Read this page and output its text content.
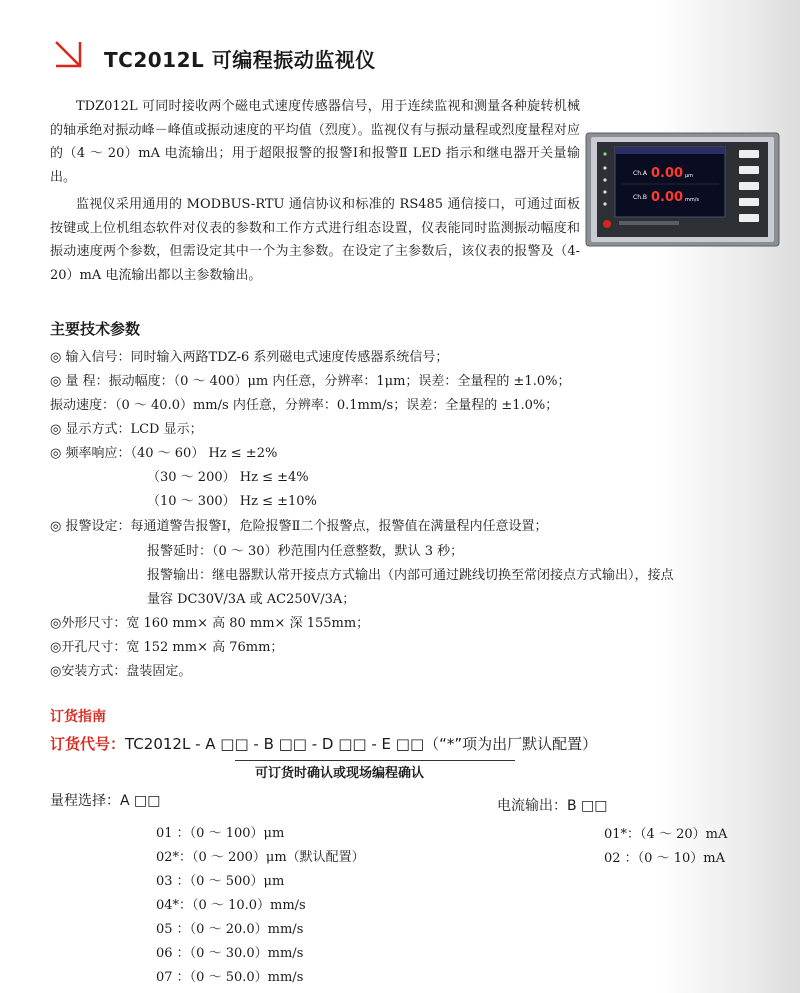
TC2012L 可编程振动监视仪

TDZ012L 可同时接收两个磁电式速度传感器信号，用于连续监视和测量各种旋转机械的轴承绝对振动峰－峰值或振动速度的平均值（烈度）。监视仪有与振动量程或烈度量程对应的（4 ～ 20）mA 电流输出；用于超限报警的报警Ⅰ和报警Ⅱ LED 指示和继电器开关量输出。

监视仪采用通用的 MODBUS-RTU 通信协议和标准的 RS485 通信接口，可通过面板按键或上位机组态软件对仪表的参数和工作方式进行组态设置，仪表能同时监测振动幅度和振动速度两个参数，但需设定其中一个为主参数。在设定了主参数后，该仪表的报警及（4-20）mA 电流输出都以主参数输出。

Ch.A 0.00 μm
Ch.B 0.00 mm/s
主要技术参数
◎ 输入信号：同时输入两路TDZ-6 系列磁电式速度传感器系统信号；
◎ 量 程：振动幅度：（0 ～ 400）μm 内任意，分辨率：1μm；误差：全量程的 ±1.0%；
振动速度：（0 ～ 40.0）mm/s 内任意，分辨率：0.1mm/s；误差：全量程的 ±1.0%；
◎ 显示方式：LCD 显示；
◎ 频率响应：（40 ～ 60） Hz ≤ ±2%
（30 ～ 200） Hz ≤ ±4%
（10 ～ 300） Hz ≤ ±10%
◎ 报警设定：每通道警告报警Ⅰ，危险报警Ⅱ二个报警点，报警值在满量程内任意设置；
报警延时：（0 ～ 30）秒范围内任意整数，默认 3 秒；
报警输出：继电器默认常开接点方式输出（内部可通过跳线切换至常闭接点方式输出），接点
量容 DC30V/3A 或 AC250V/3A；
◎外形尺寸：宽 160 mm× 高 80 mm× 深 155mm；
◎开孔尺寸：宽 152 mm× 高 76mm；
◎安装方式：盘装固定。
订货指南
订货代号：TC2012L - A □□ - B □□ - D □□ - E □□（“*”项为出厂默认配置）
可订货时确认或现场编程确认
量程选择：A □□
01 ：（0 ～ 100）μm
02*：（0 ～ 200）μm（默认配置）
03 ：（0 ～ 500）μm
04*：（0 ～ 10.0）mm/s
05 ：（0 ～ 20.0）mm/s
06 ：（0 ～ 30.0）mm/s
07 ：（0 ～ 50.0）mm/s
电流输出：B □□
01*：（4 ～ 20）mA
02 ：（0 ～ 10）mA
